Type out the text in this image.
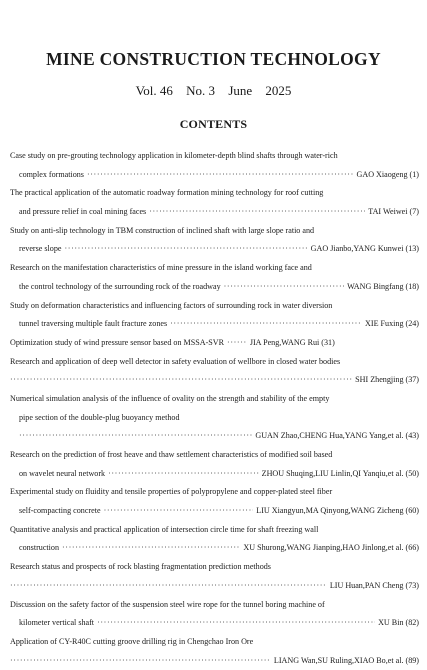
MINE CONSTRUCTION TECHNOLOGY
Vol. 46 No. 3 June 2025
CONTENTS
Case study on pre-grouting technology application in kilometer-depth blind shafts through water-rich
complex formations ·····	GAO Xiaogeng (1)
The practical application of the automatic roadway formation mining technology for roof cutting
and pressure relief in coal mining faces ·····	TAI Weiwei (7)
Study on anti-slip technology in TBM construction of inclined shaft with large slope ratio and
reverse slope ·····	GAO Jianbo,YANG Kunwei (13)
Research on the manifestation characteristics of mine pressure in the island working face and
the control technology of the surrounding rock of the roadway ·····	WANG Bingfang (18)
Study on deformation characteristics and influencing factors of surrounding rock in water diversion
tunnel traversing multiple fault fracture zones ·····	XIE Fuxing (24)
Optimization study of wind pressure sensor based on MSSA-SVR ······	JIA Peng,WANG Rui (31)
Research and application of deep well detector in safety evaluation of wellbore in closed water bodies
·····
SHI Zhengjing (37)
Numerical simulation analysis of the influence of ovality on the strength and stability of the empty
pipe section of the double-plug buoyancy method
·····
GUAN Zhao,CHENG Hua,YANG Yang,et al. (43)
Research on the prediction of frost heave and thaw settlement characteristics of modified soil based
on wavelet neural network ·····	ZHOU Shuqing,LIU Linlin,QI Yanqiu,et al. (50)
Experimental study on fluidity and tensile properties of polypropylene and copper-plated steel fiber
self-compacting concrete ·····	LIU Xiangyun,MA Qinyong,WANG Zicheng (60)
Quantitative analysis and practical application of intersection circle time for shaft freezing wall
construction ·····	XU Shurong,WANG Jianping,HAO Jinlong,et al. (66)
Research status and prospects of rock blasting fragmentation prediction methods
·····
LIU Huan,PAN Cheng (73)
Discussion on the safety factor of the suspension steel wire rope for the tunnel boring machine of
kilometer vertical shaft ·····	XU Bin (82)
Application of CY-R40C cutting groove drilling rig in Chengchao Iron Ore
·····
LIANG Wan,SU Ruling,XIAO Bo,et al. (89)
